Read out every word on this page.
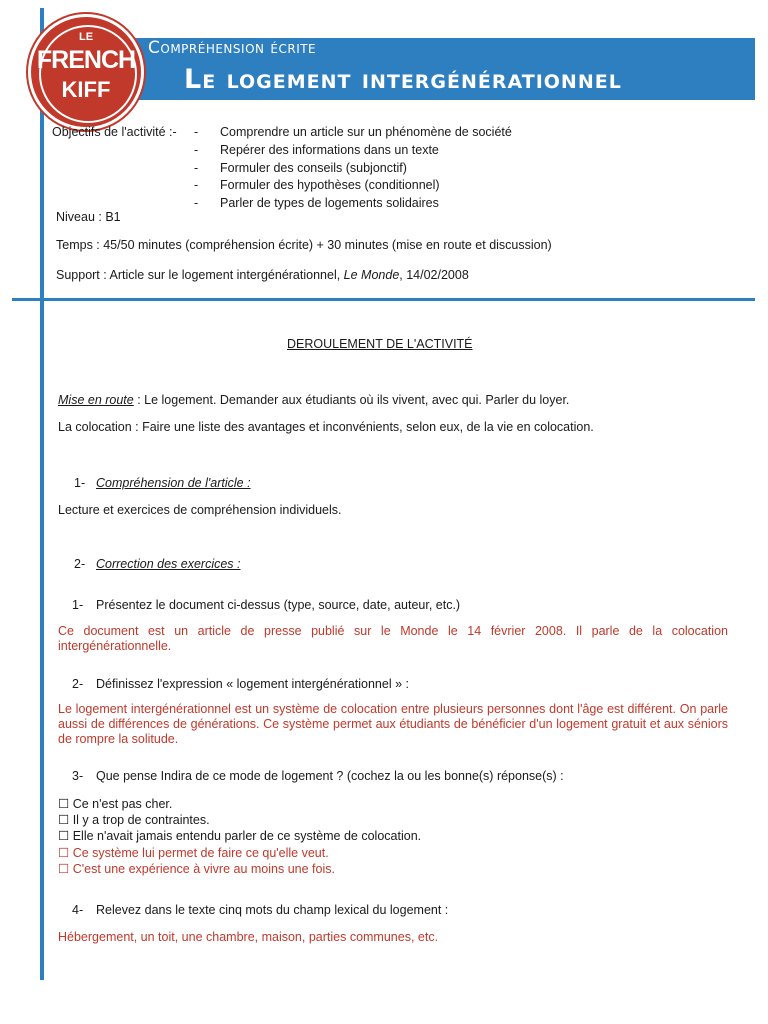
LE
FRENCH
KIFF
Compréhension écrite
Le logement intergénérationnel
Objectifs de l'activité :- - Comprendre un article sur un phénomène de société
- Repérer des informations dans un texte
- Formuler des conseils (subjonctif)
- Formuler des hypothèses (conditionnel)
- Parler de types de logements solidaires
Niveau : B1
Temps : 45/50 minutes (compréhension écrite) + 30 minutes (mise en route et discussion)
Support : Article sur le logement intergénérationnel, Le Monde, 14/02/2008
DEROULEMENT DE L'ACTIVITÉ
Mise en route : Le logement. Demander aux étudiants où ils vivent, avec qui. Parler du loyer.
La colocation : Faire une liste des avantages et inconvénients, selon eux, de la vie en colocation.
1- Compréhension de l'article :
Lecture et exercices de compréhension individuels.
2- Correction des exercices :
1- Présentez le document ci-dessus (type, source, date, auteur, etc.)
Ce document est un article de presse publié sur le Monde le 14 février 2008. Il parle de la colocation intergénérationnelle.
2- Définissez l'expression « logement intergénérationnel » :
Le logement intergénérationnel est un système de colocation entre plusieurs personnes dont l'âge est différent. On parle aussi de différences de générations. Ce système permet aux étudiants de bénéficier d'un logement gratuit et aux séniors de rompre la solitude.
3- Que pense Indira de ce mode de logement ? (cochez la ou les bonne(s) réponse(s) :
☐ Ce n'est pas cher.
☐ Il y a trop de contraintes.
☐ Elle n'avait jamais entendu parler de ce système de colocation.
☐ Ce système lui permet de faire ce qu'elle veut.
☐ C'est une expérience à vivre au moins une fois.
4- Relevez dans le texte cinq mots du champ lexical du logement :
Hébergement, un toit, une chambre, maison, parties communes, etc.
